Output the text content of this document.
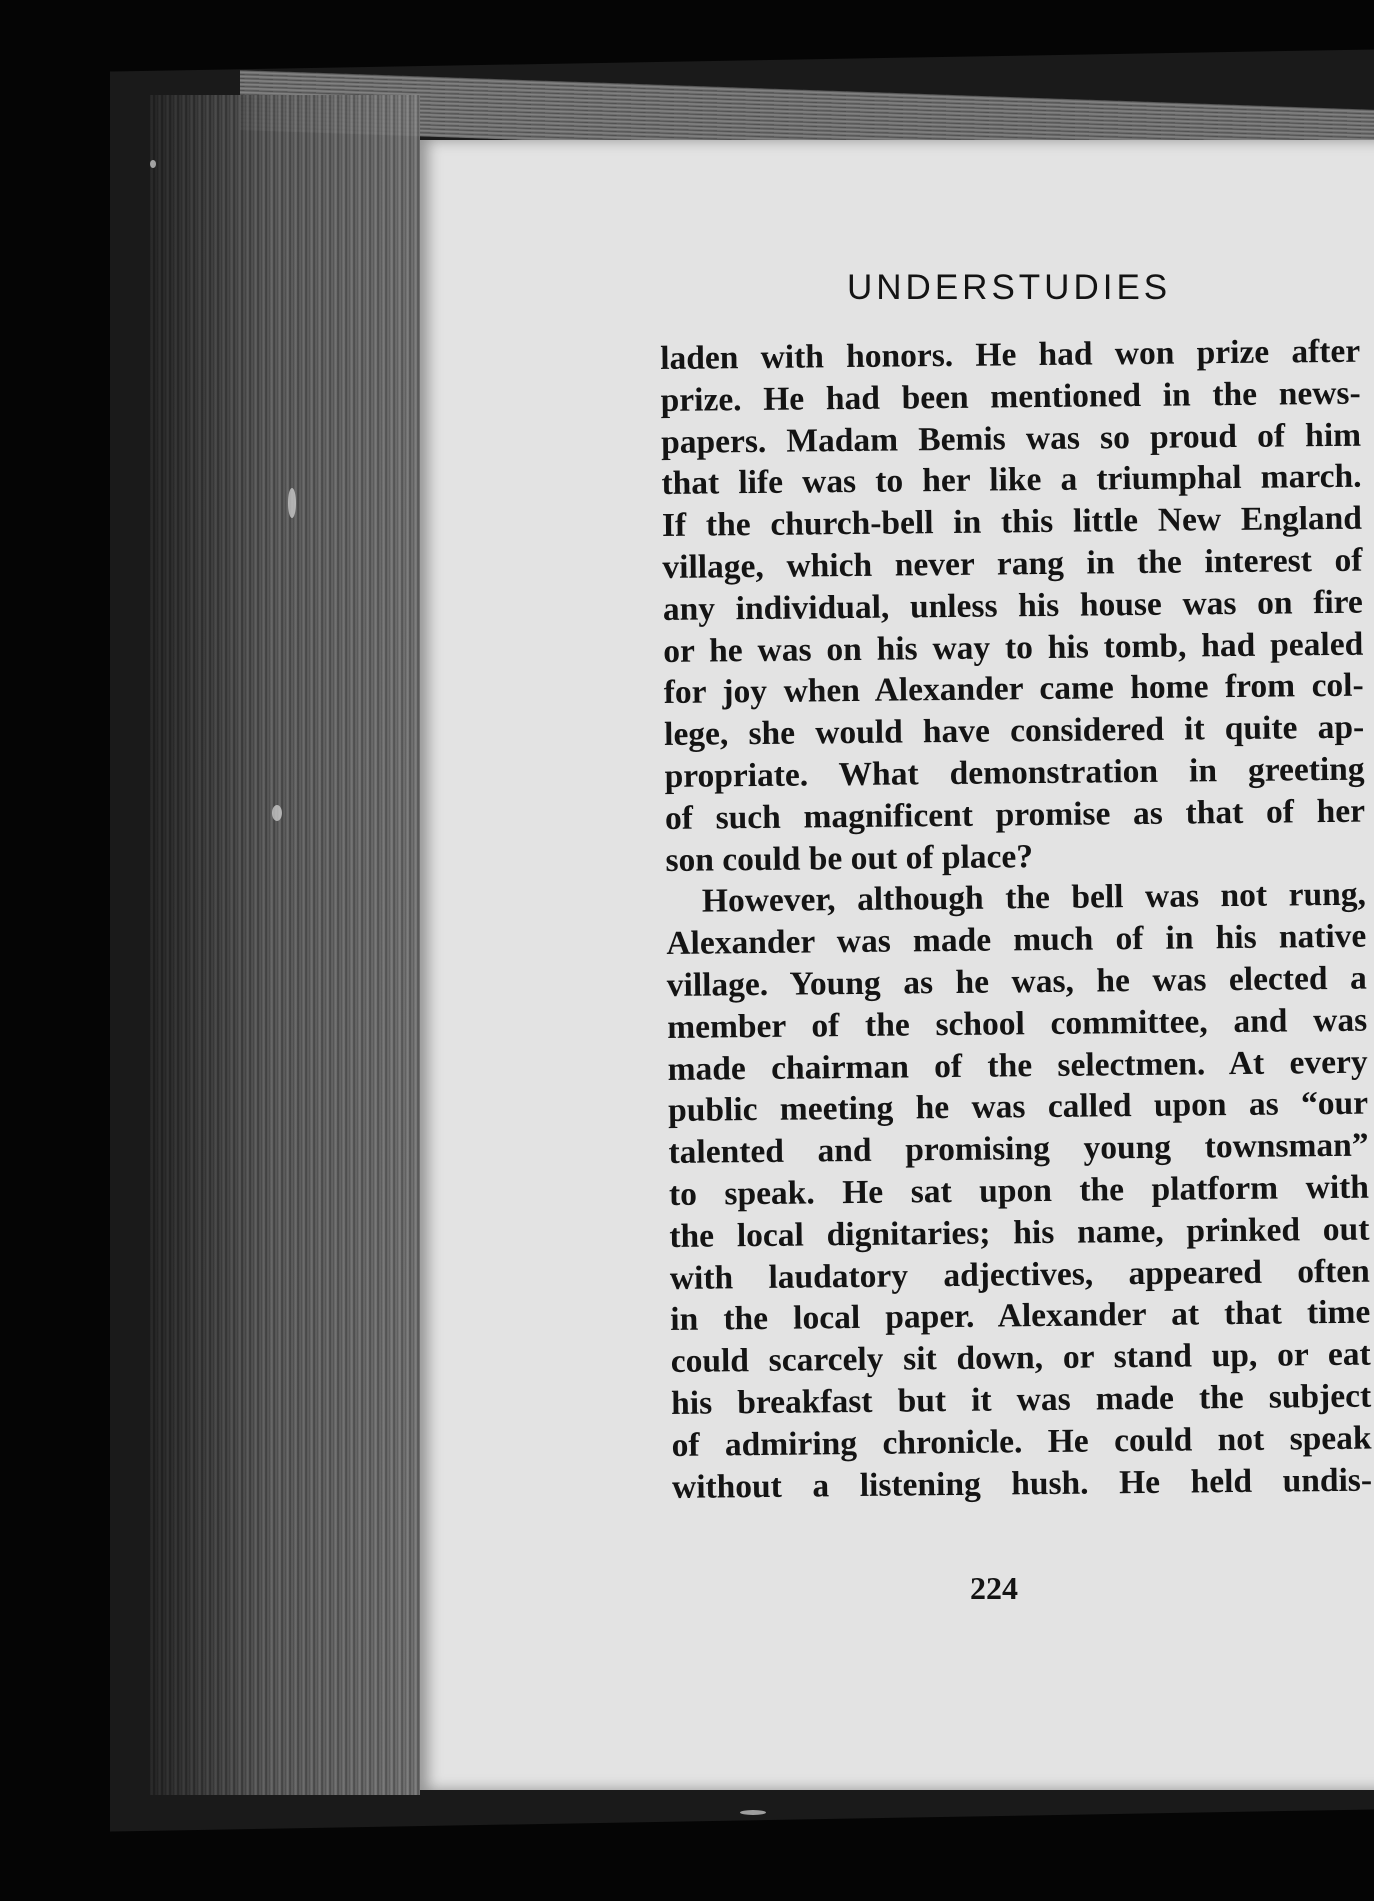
UNDERSTUDIES
laden with honors. He had won prize after
prize. He had been mentioned in the news-
papers. Madam Bemis was so proud of him
that life was to her like a triumphal march.
If the church-bell in this little New England
village, which never rang in the interest of
any individual, unless his house was on fire
or he was on his way to his tomb, had pealed
for joy when Alexander came home from col-
lege, she would have considered it quite ap-
propriate. What demonstration in greeting
of such magnificent promise as that of her
son could be out of place?
However, although the bell was not rung,
Alexander was made much of in his native
village. Young as he was, he was elected a
member of the school committee, and was
made chairman of the selectmen. At every
public meeting he was called upon as “our
talented and promising young townsman”
to speak. He sat upon the platform with
the local dignitaries; his name, prinked out
with laudatory adjectives, appeared often
in the local paper. Alexander at that time
could scarcely sit down, or stand up, or eat
his breakfast but it was made the subject
of admiring chronicle. He could not speak
without a listening hush. He held undis-
224
